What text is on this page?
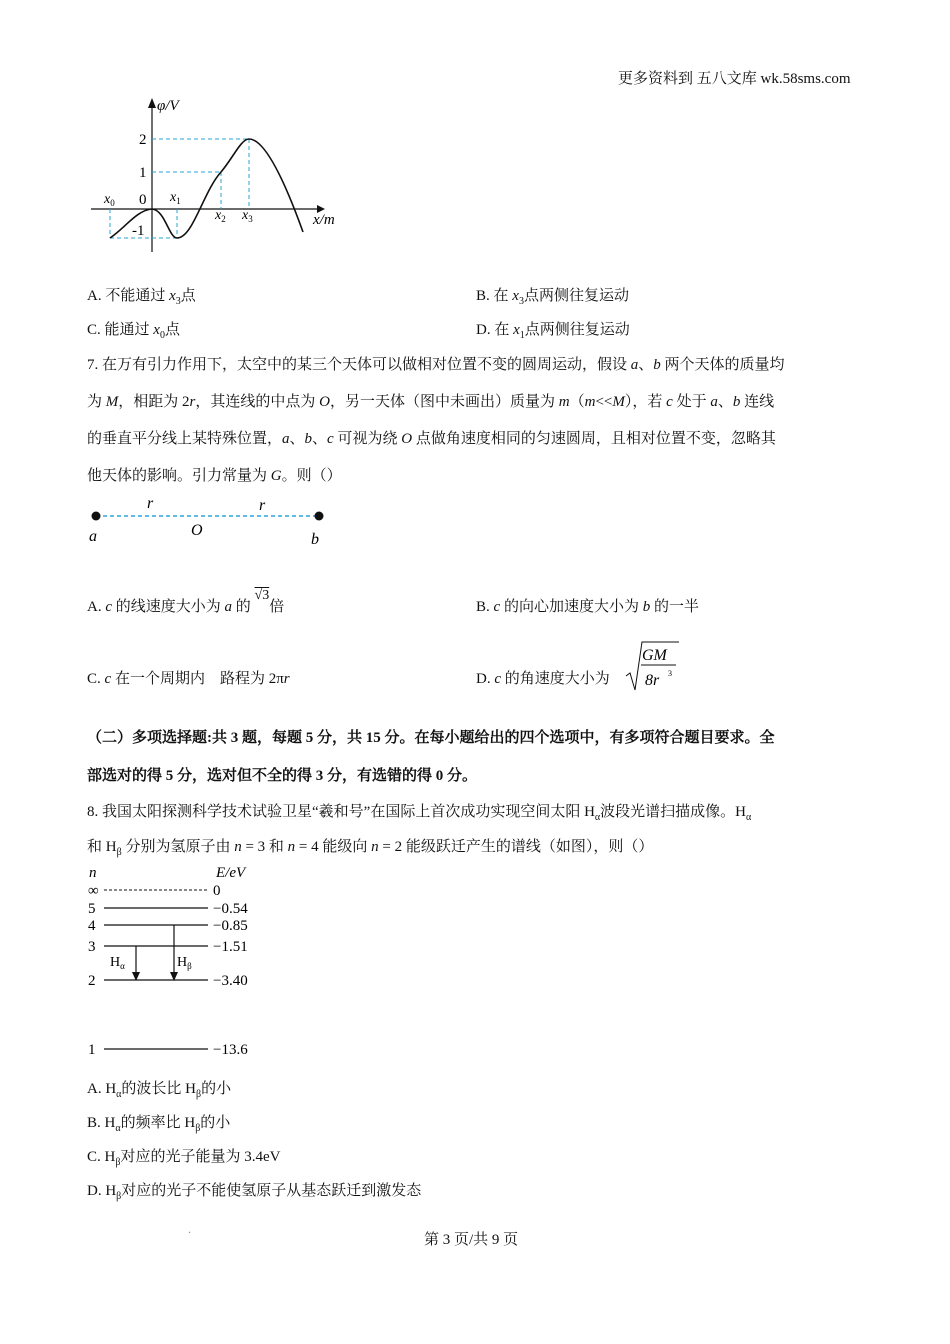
更多资料到 五八文库 wk.58sms.com
φ/V
x/m
2
1
0
-1
$x_0$	$x_1$
$x_2$ $x_3$
A. 不能通过 $x_3$点	B. 在 $x_3$点两侧往复运动
C. 能通过 $x_0$点	D. 在 $x_1$点两侧往复运动
7. 在万有引力作用下，太空中的某三个天体可以做相对位置不变的圆周运动，假设 a、b 两个天体的质量均
为 M，相距为 2r，其连线的中点为 O，另一天体（图中未画出）质量为 m（m<<M），若 c 处于 a、b 连线
的垂直平分线上某特殊位置，a、b、c 可视为绕 O 点做角速度相同的匀速圆周，且相对位置不变，忽略其
他天体的影响。引力常量为 G。则（）
a	b
O
r	r
A. c 的线速度大小为 a 的 √3倍	B. c 的向心加速度大小为 b 的一半
C. c 在一个周期内　路程为 2πr	D. c 的角速度大小为
GM
8r 3
（二）多项选择题:共 3 题，每题 5 分，共 15 分。在每小题给出的四个选项中，有多项符合题目要求。全
部选对的得 5 分，选对但不全的得 3 分，有选错的得 0 分。
8. 我国太阳探测科学技术试验卫星“羲和号”在国际上首次成功实现空间太阳 $H_\alpha$波段光谱扫描成像。$H_\alpha$
和 $H_\beta$ 分别为氢原子由 n = 3 和 n = 4 能级向 n = 2 能级跃迁产生的谱线（如图），则（）
n	E/eV
∞	0
5	−0.54
4	−0.85
3	−1.51
2	−3.40
1	−13.6
$H_\alpha$	$H_\beta$
A. $H_\alpha$的波长比 $H_\beta$的小
B. $H_\alpha$的频率比 $H_\beta$的小
C. $H_\beta$对应的光子能量为 3.4eV
D. $H_\beta$对应的光子不能使氢原子从基态跃迁到激发态
.
第 3 页/共 9 页
